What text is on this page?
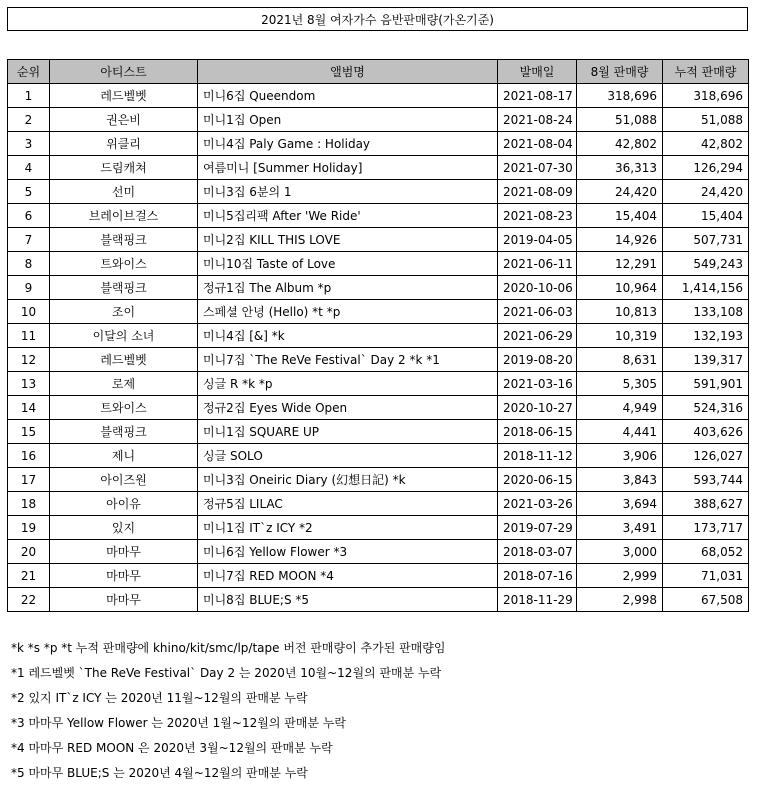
2021년 8월 여자가수 음반판매량(가온기준)
순위	아티스트	앨범명	발매일	8월 판매량	누적 판매량
1	레드벨벳	미니6집 Queendom	2021-08-17	318,696	318,696
2	권은비	미니1집 Open	2021-08-24	51,088	51,088
3	위클리	미니4집 Paly Game : Holiday	2021-08-04	42,802	42,802
4	드림캐쳐	여름미니 [Summer Holiday]	2021-07-30	36,313	126,294
5	선미	미니3집 6분의 1	2021-08-09	24,420	24,420
6	브레이브걸스	미니5집리팩 After 'We Ride'	2021-08-23	15,404	15,404
7	블랙핑크	미니2집 KILL THIS LOVE	2019-04-05	14,926	507,731
8	트와이스	미니10집 Taste of Love	2021-06-11	12,291	549,243
9	블랙핑크	정규1집 The Album *p	2020-10-06	10,964	1,414,156
10	조이	스페셜 안녕 (Hello) *t *p	2021-06-03	10,813	133,108
11	이달의 소녀	미니4집 [&] *k	2021-06-29	10,319	132,193
12	레드벨벳	미니7집 `The ReVe Festival` Day 2 *k *1	2019-08-20	8,631	139,317
13	로제	싱글 R *k *p	2021-03-16	5,305	591,901
14	트와이스	정규2집 Eyes Wide Open	2020-10-27	4,949	524,316
15	블랙핑크	미니1집 SQUARE UP	2018-06-15	4,441	403,626
16	제니	싱글 SOLO	2018-11-12	3,906	126,027
17	아이즈원	미니3집 Oneiric Diary (幻想日記) *k	2020-06-15	3,843	593,744
18	아이유	정규5집 LILAC	2021-03-26	3,694	388,627
19	있지	미니1집 IT`z ICY *2	2019-07-29	3,491	173,717
20	마마무	미니6집 Yellow Flower *3	2018-03-07	3,000	68,052
21	마마무	미니7집 RED MOON *4	2018-07-16	2,999	71,031
22	마마무	미니8집 BLUE;S *5	2018-11-29	2,998	67,508
*k *s *p *t 누적 판매량에 khino/kit/smc/lp/tape 버전 판매량이 추가된 판매량임
*1 레드벨벳 `The ReVe Festival` Day 2 는 2020년 10월~12월의 판매분 누락
*2 있지 IT`z ICY 는 2020년 11월~12월의 판매분 누락
*3 마마무 Yellow Flower 는 2020년 1월~12월의 판매분 누락
*4 마마무 RED MOON 은 2020년 3월~12월의 판매분 누락
*5 마마무 BLUE;S 는 2020년 4월~12월의 판매분 누락
